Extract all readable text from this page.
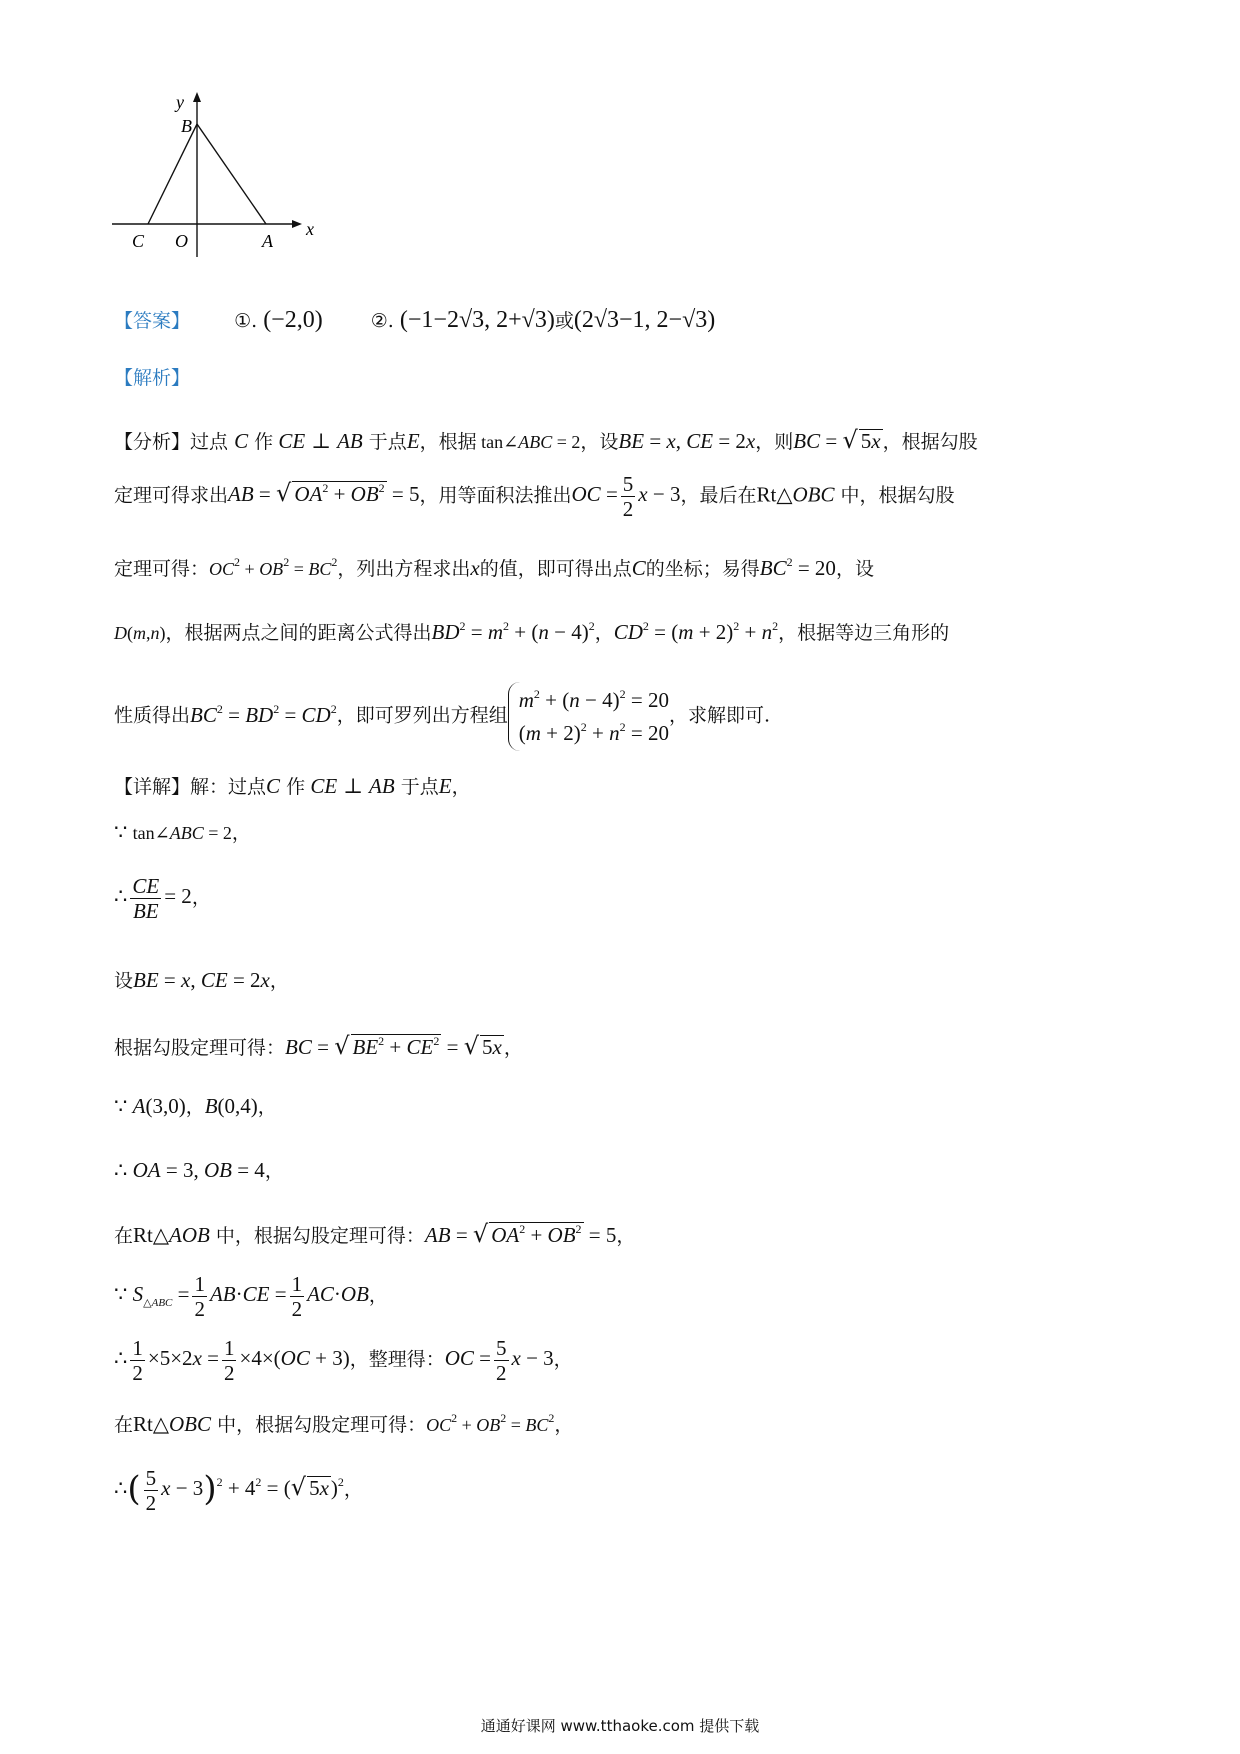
y
B
C O	A
x
【答案】 ①. (−2,0)	②. (−1−2√3, 2+√3)或(2√3−1, 2−√3)
【解析】
【分析】过点 C 作 CE ⊥ AB 于点E，根据 tan∠ABC = 2，设BE = x, CE = 2x，则BC = √ 5x ，根据勾股
定理可得求出AB = √ $OA^2 + OB^2 = 5$，用等面积法推出OC = $\frac{5}{2}$ x − 3，最后在Rt△OBC 中，根据勾股
定理可得：$OC^2 + OB^2 = BC^2$，列出方程求出x的值，即可得出点C的坐标；易得$BC^2 = 20$，设
D(m,n)，根据两点之间的距离公式得出$BD^2 = m^2 + (n - 4)^2$，$CD^2 = (m + 2)^2 + n^2$，根据等边三角形的
性质得出$BC^2 = BD^2 = CD^2$，即可罗列出方程组
$m^2 + (n - 4)^2 = 20$
$(m + 2)^2 + n^2 = 20$
，求解即可.
【详解】解：过点C 作 CE ⊥ AB 于点E，
∵ tan∠ABC = 2，
∴ $\frac{CE}{BE} = 2$，
设BE = x, CE = 2x，
根据勾股定理可得：BC = √ $BE^2 + CE^2$ = √ 5x ，
∵ A(3,0)，B(0,4)，
∴ OA = 3, OB = 4，
在Rt△AOB 中，根据勾股定理可得：AB = √ $OA^2 + OB^2 = 5$，
∵ $S_{\triangle ABC} = \frac{1}{2} AB\cdot CE = \frac{1}{2} AC\cdot OB$，
∴ $\frac{1}{2} \times 5\times 2x = \frac{1}{2} \times 4\times(OC + 3)$，整理得：OC = $\frac{5}{2}$ x − 3，
在Rt△OBC 中，根据勾股定理可得：$OC^2 + OB^2 = BC^2$，
∴( $\frac{5}{2}$ $x - 3)^2 + 4^2$ = (√ 5x)$^2$，
通通好课网 www.tthaoke.com 提供下载
